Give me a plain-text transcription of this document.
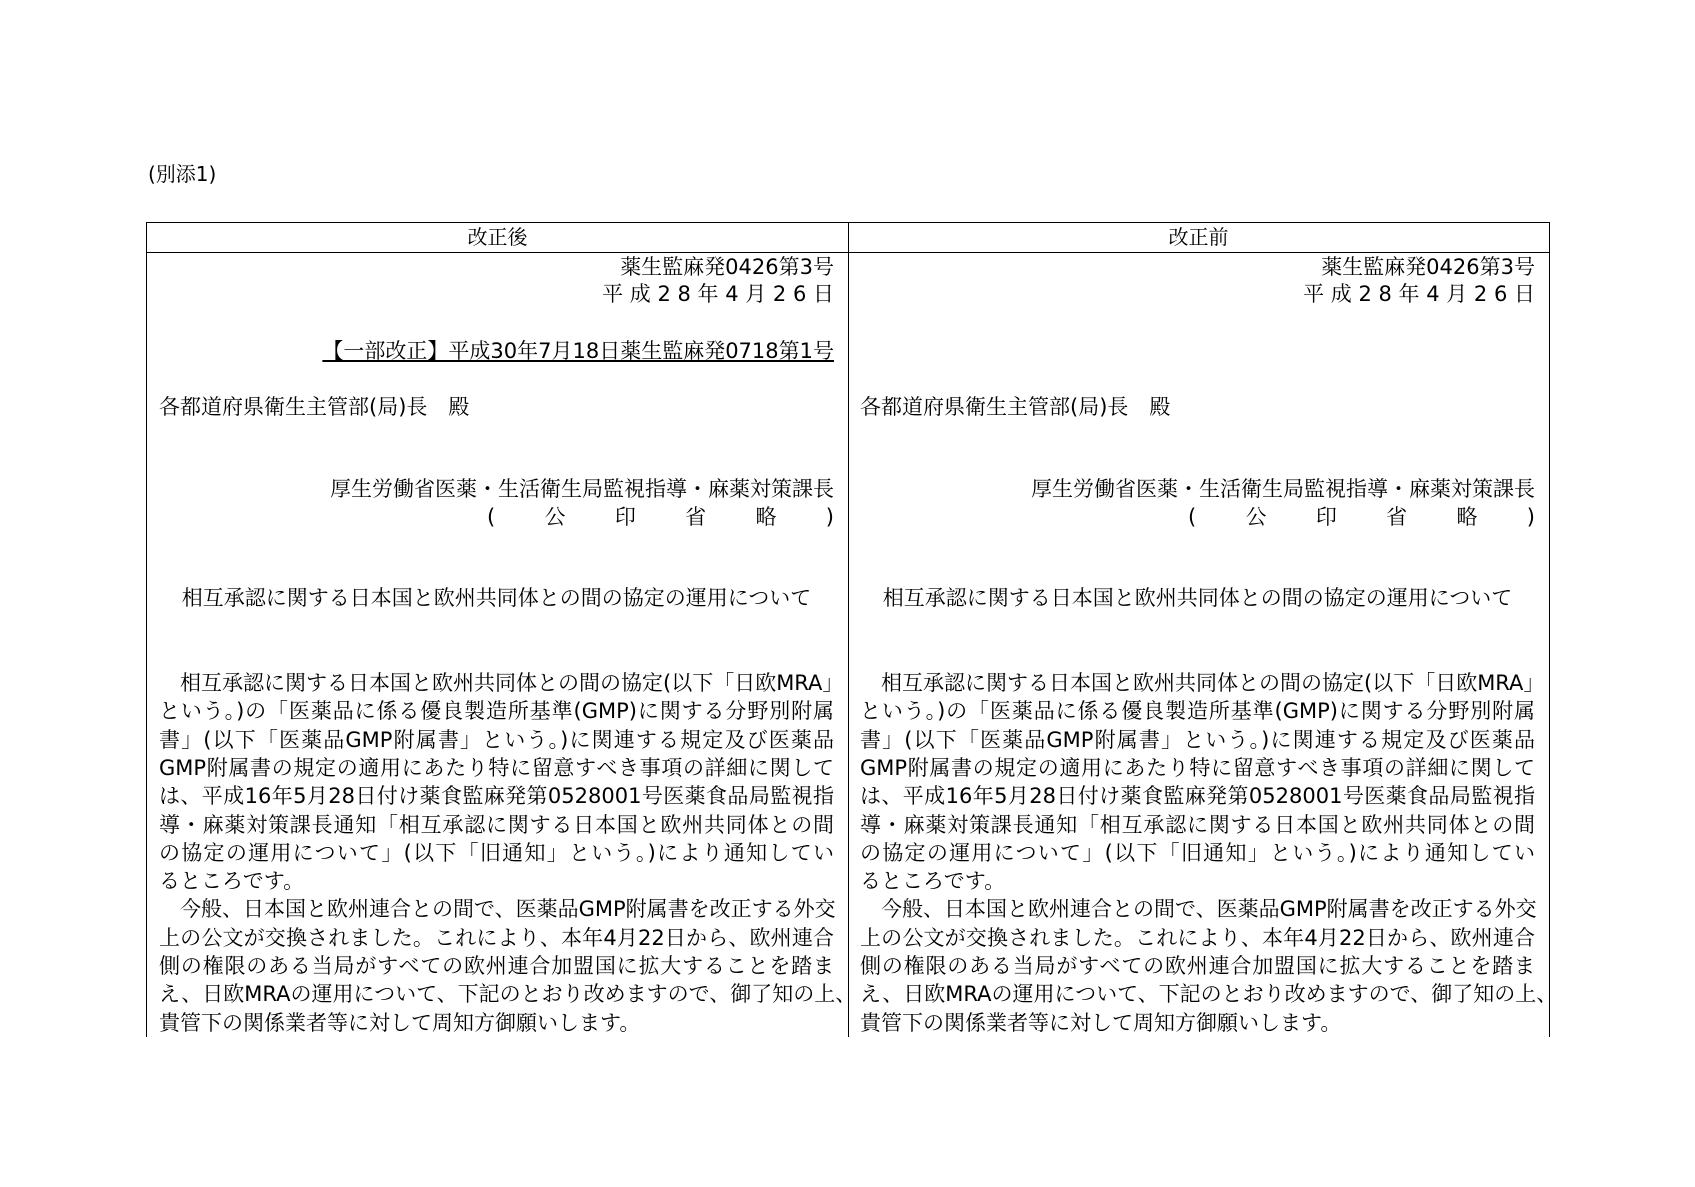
(別添1)
改正後	改正前
薬生監麻発0426第3号
平 成 2 8 年 4 月 2 6 日
【一部改正】平成30年7月18日薬生監麻発0718第1号
各都道府県衛生主管部(局)長　殿
厚生労働省医薬・生活衛生局監視指導・麻薬対策課長
( 公 印 省 略 )
相互承認に関する日本国と欧州共同体との間の協定の運用について
　相互承認に関する日本国と欧州共同体との間の協定(以下「日欧MRA」
という。)の「医薬品に係る優良製造所基準(GMP)に関する分野別附属
書」(以下「医薬品GMP附属書」という。)に関連する規定及び医薬品
GMP附属書の規定の適用にあたり特に留意すべき事項の詳細に関して
は、平成16年5月28日付け薬食監麻発第0528001号医薬食品局監視指
導・麻薬対策課長通知「相互承認に関する日本国と欧州共同体との間
の協定の運用について」(以下「旧通知」という。)により通知してい
るところです。
　今般、日本国と欧州連合との間で、医薬品GMP附属書を改正する外交
上の公文が交換されました。これにより、本年4月22日から、欧州連合
側の権限のある当局がすべての欧州連合加盟国に拡大することを踏ま
え、日欧MRAの運用について、下記のとおり改めますので、御了知の上、
貴管下の関係業者等に対して周知方御願いします。
薬生監麻発0426第3号
平 成 2 8 年 4 月 2 6 日
各都道府県衛生主管部(局)長　殿
厚生労働省医薬・生活衛生局監視指導・麻薬対策課長
( 公 印 省 略 )
相互承認に関する日本国と欧州共同体との間の協定の運用について
　相互承認に関する日本国と欧州共同体との間の協定(以下「日欧MRA」
という。)の「医薬品に係る優良製造所基準(GMP)に関する分野別附属
書」(以下「医薬品GMP附属書」という。)に関連する規定及び医薬品
GMP附属書の規定の適用にあたり特に留意すべき事項の詳細に関して
は、平成16年5月28日付け薬食監麻発第0528001号医薬食品局監視指
導・麻薬対策課長通知「相互承認に関する日本国と欧州共同体との間
の協定の運用について」(以下「旧通知」という。)により通知してい
るところです。
　今般、日本国と欧州連合との間で、医薬品GMP附属書を改正する外交
上の公文が交換されました。これにより、本年4月22日から、欧州連合
側の権限のある当局がすべての欧州連合加盟国に拡大することを踏ま
え、日欧MRAの運用について、下記のとおり改めますので、御了知の上、
貴管下の関係業者等に対して周知方御願いします。
